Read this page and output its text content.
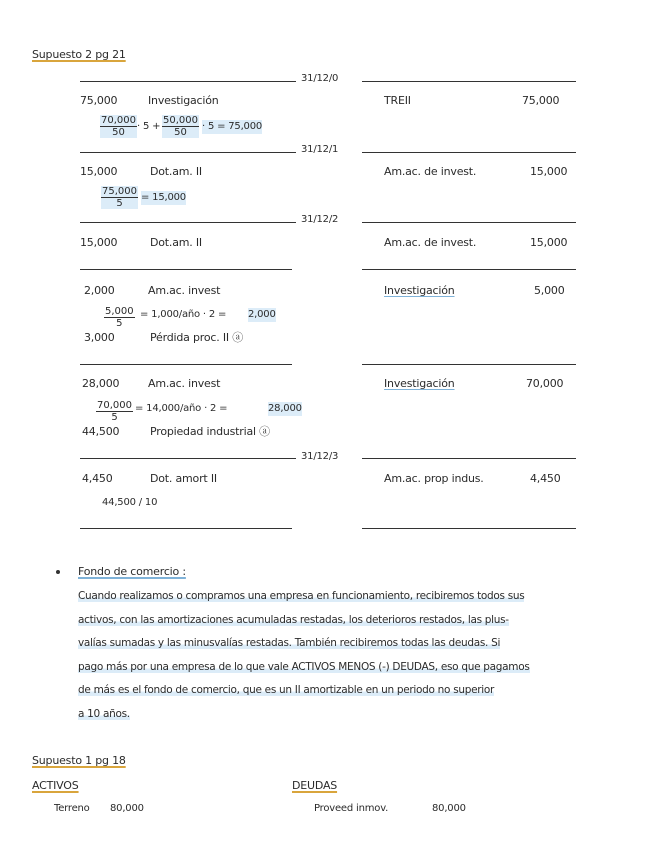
Supuesto 2 pg 21
31/12/0
75,000	Investigación	TREII	75,000
$\frac{70,000}{50} \cdot 5 + \frac{50,000}{50} \cdot 5 = 75,000$
31/12/1
15,000	Dot.am. II	Am.ac. de invest.	15,000
$\frac{75,000}{5} = 15,000$
31/12/2
15,000	Dot.am. II	Am.ac. de invest.	15,000
2,000	Am.ac. invest	Investigación	5,000
$\frac{5,000}{5}$ = 1,000/año · 2 = 2,000
3,000	Pérdida proc. II ⓐ
28,000	Am.ac. invest	Investigación	70,000
$\frac{70,000}{5}$ = 14,000/año · 2 =	28,000
44,500	Propiedad industrial ⓐ
31/12/3
4,450	Dot. amort II	Am.ac. prop indus.	4,450
44,500 / 10
Fondo de comercio :
Cuando realizamos o compramos una empresa en funcionamiento, recibiremos todos sus
activos, con las amortizaciones acumuladas restadas, los deterioros restados, las plus-
valías sumadas y las minusvalías restadas. También recibiremos todas las deudas. Si
pago más por una empresa de lo que vale ACTIVOS MENOS (-) DEUDAS, eso que pagamos
de más es el fondo de comercio, que es un II amortizable en un periodo no superior
a 10 años.
Supuesto 1 pg 18
ACTIVOS	DEUDAS
Terreno 80,000	Proveed inmov.	80,000
